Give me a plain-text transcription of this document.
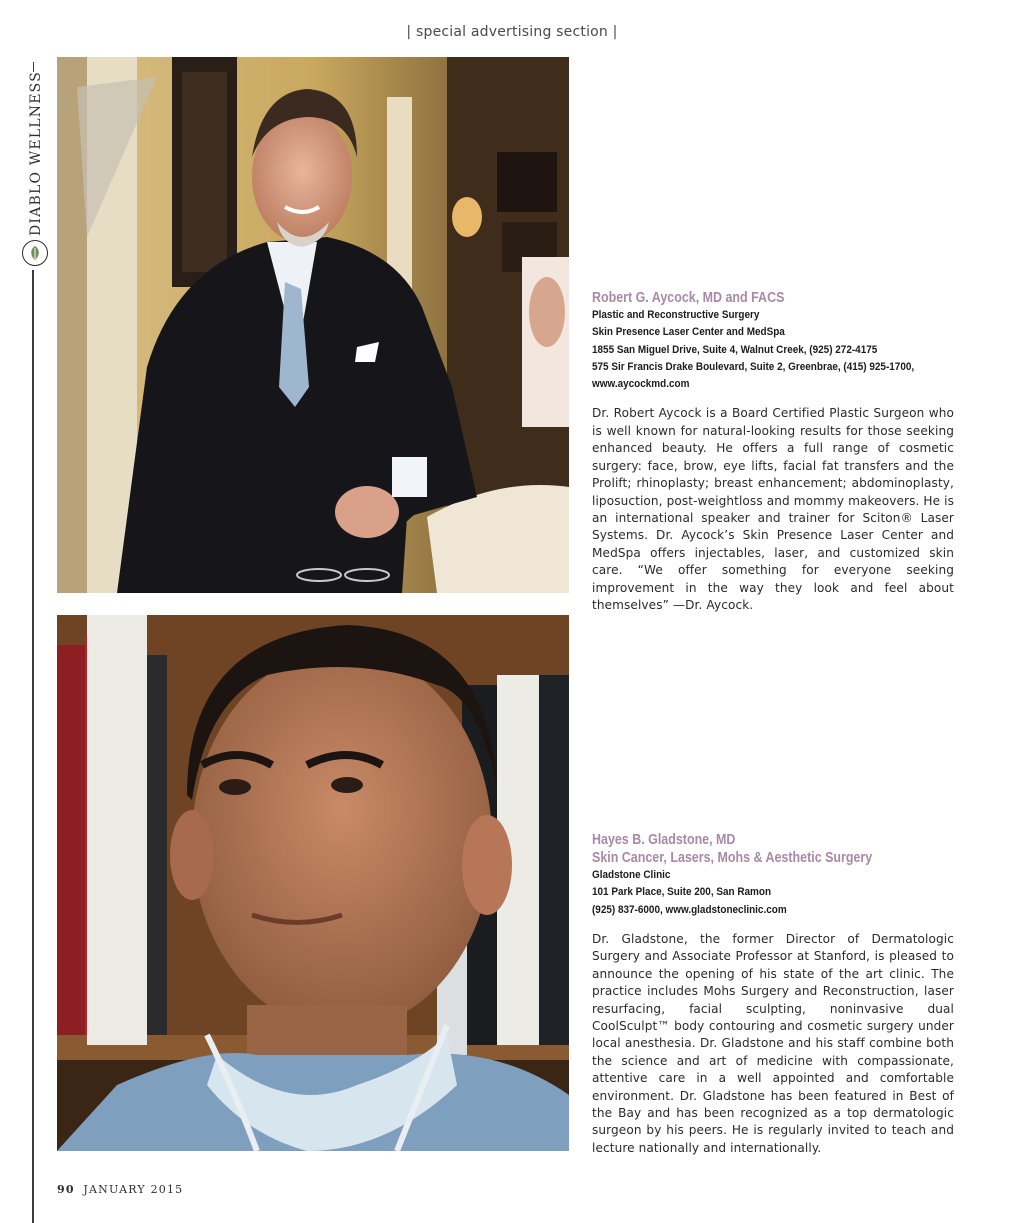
| special advertising section |
DIABLO WELLNESS

Robert G. Aycock, MD and FACS

Plastic and Reconstructive Surgery

Skin Presence Laser Center and MedSpa

1855 San Miguel Drive, Suite 4, Walnut Creek, (925) 272-4175

575 Sir Francis Drake Boulevard, Suite 2, Greenbrae, (415) 925-1700,

www.aycockmd.com

Dr. Robert Aycock is a Board Certified Plastic Surgeon who is well known for natural-looking results for those seeking enhanced beauty. He offers a full range of cosmetic surgery: face, brow, eye lifts, facial fat transfers and the Prolift; rhinoplasty; breast enhancement; abdominoplasty, liposuction, post-weightloss and mommy makeovers. He is an international speaker and trainer for Sciton® Laser Systems. Dr. Aycock’s Skin Presence Laser Center and MedSpa offers injectables, laser, and customized skin care. “We offer something for everyone seeking improvement in the way they look and feel about themselves” —Dr. Aycock.

Hayes B. Gladstone, MD

Skin Cancer, Lasers, Mohs & Aesthetic Surgery

Gladstone Clinic

101 Park Place, Suite 200, San Ramon

(925) 837-6000, www.gladstoneclinic.com

Dr. Gladstone, the former Director of Dermatologic Surgery and Associate Professor at Stanford, is pleased to announce the opening of his state of the art clinic. The practice includes Mohs Surgery and Reconstruction, laser resurfacing, facial sculpting, noninvasive dual CoolSculpt™ body contouring and cosmetic surgery under local anesthesia. Dr. Gladstone and his staff combine both the science and art of medicine with compassionate, attentive care in a well appointed and comfortable environment. Dr. Gladstone has been featured in Best of the Bay and has been recognized as a top dermatologic surgeon by his peers. He is regularly invited to teach and lecture nationally and internationally.

90 JANUARY 2015
